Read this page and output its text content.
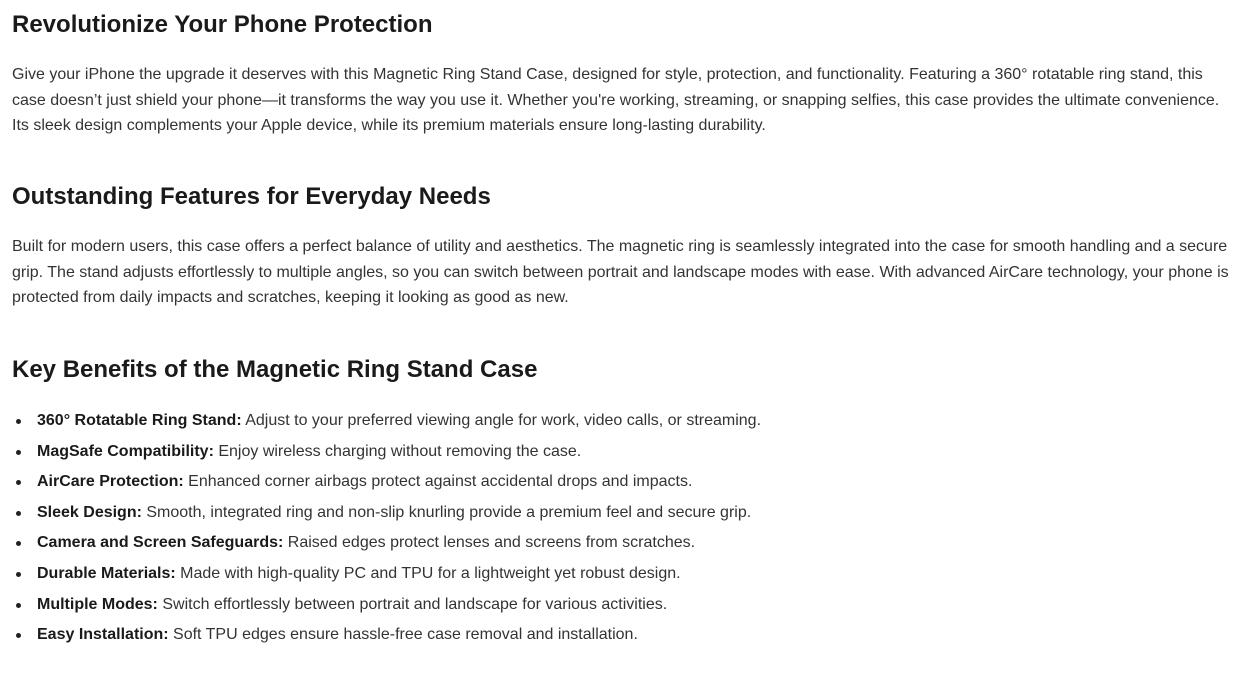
Revolutionize Your Phone Protection

Give your iPhone the upgrade it deserves with this Magnetic Ring Stand Case, designed for style, protection, and functionality. Featuring a 360° rotatable ring stand, this case doesn’t just shield your phone—it transforms the way you use it. Whether you're working, streaming, or snapping selfies, this case provides the ultimate convenience. Its sleek design complements your Apple device, while its premium materials ensure long-lasting durability.

Outstanding Features for Everyday Needs

Built for modern users, this case offers a perfect balance of utility and aesthetics. The magnetic ring is seamlessly integrated into the case for smooth handling and a secure grip. The stand adjusts effortlessly to multiple angles, so you can switch between portrait and landscape modes with ease. With advanced AirCare technology, your phone is protected from daily impacts and scratches, keeping it looking as good as new.

Key Benefits of the Magnetic Ring Stand Case
360° Rotatable Ring Stand: Adjust to your preferred viewing angle for work, video calls, or streaming.
MagSafe Compatibility: Enjoy wireless charging without removing the case.
AirCare Protection: Enhanced corner airbags protect against accidental drops and impacts.
Sleek Design: Smooth, integrated ring and non-slip knurling provide a premium feel and secure grip.
Camera and Screen Safeguards: Raised edges protect lenses and screens from scratches.
Durable Materials: Made with high-quality PC and TPU for a lightweight yet robust design.
Multiple Modes: Switch effortlessly between portrait and landscape for various activities.
Easy Installation: Soft TPU edges ensure hassle-free case removal and installation.
